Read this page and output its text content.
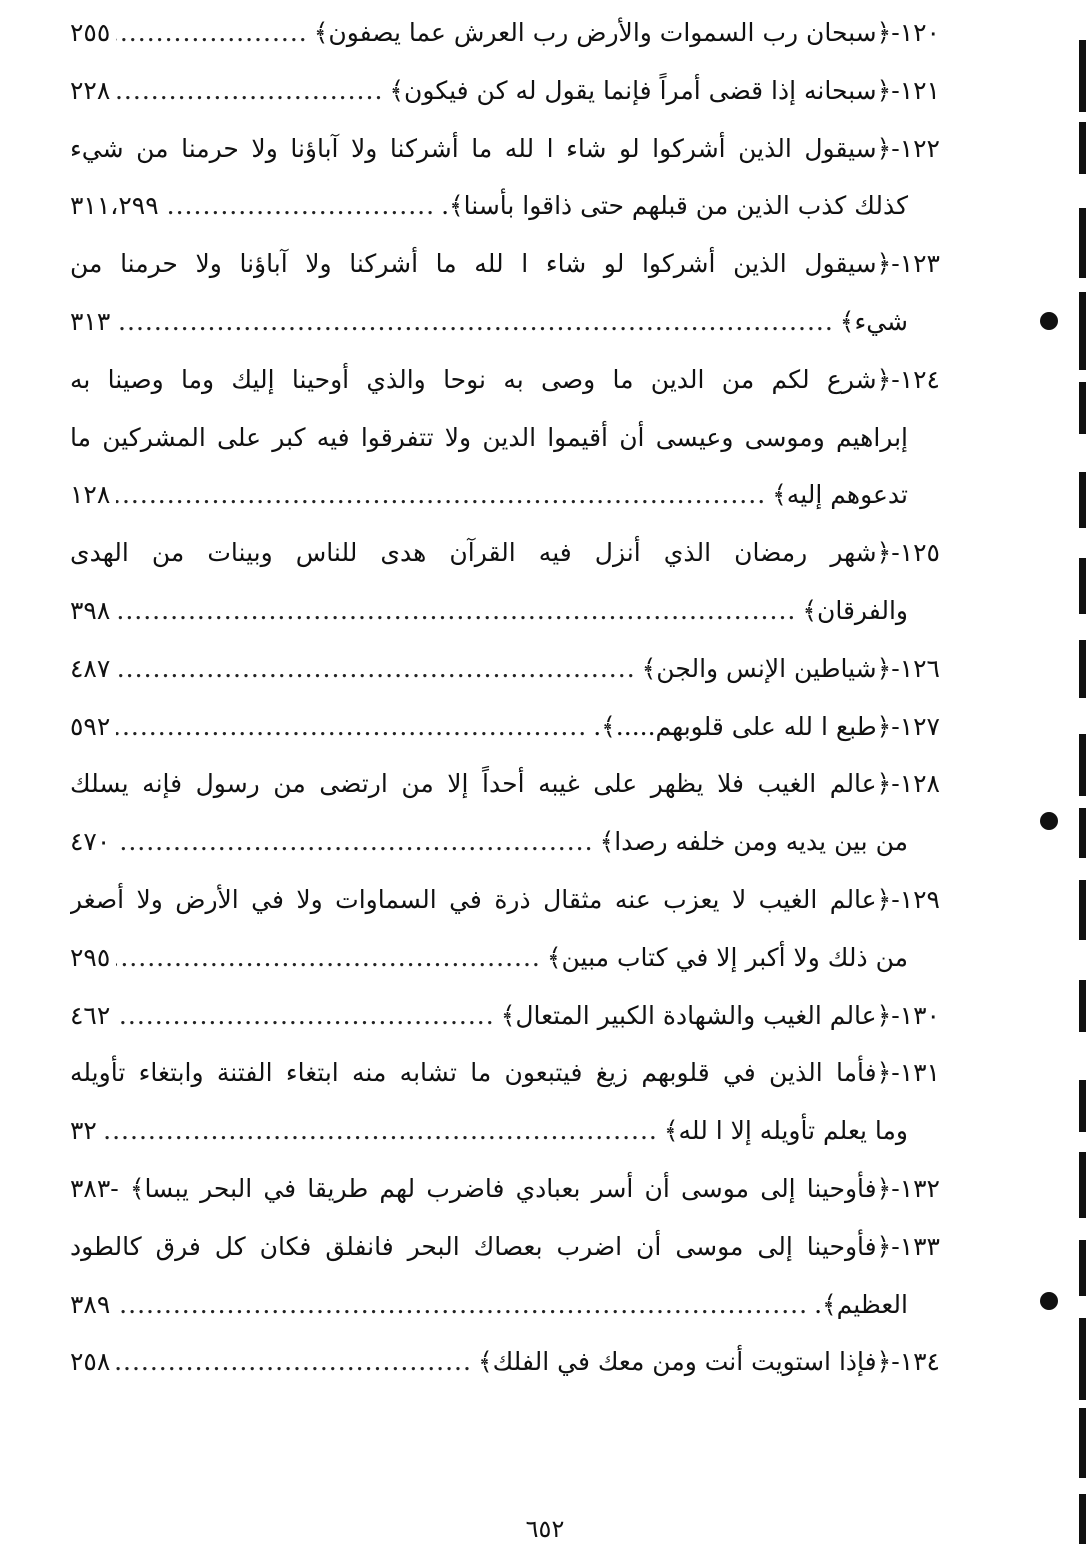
١٢٠
-
﴿سبحان رب السموات والأرض رب العرش عما يصفون﴾
.....
٢٥٥
١٢١
-
﴿سبحانه إذا قضى أمراً فإنما يقول له كن فيكون﴾
.....
٢٢٨
١٢٢-﴿سيقول الذين أشركوا لو شاء ا لله ما أشركنا ولا آباؤنا ولا حرمنا من شيء
كذلك كذب الذين من قبلهم حتى ذاقوا بأسنا﴾.
.....
٣١١،٢٩٩
١٢٣-﴿سيقول الذين أشركوا لو شاء ا لله ما أشركنا ولا آباؤنا ولا حرمنا من
شيء﴾
.....
٣١٣
١٢٤-﴿شرع لكم من الدين ما وصى به نوحا والذي أوحينا إليك وما وصينا به
إبراهيم وموسى وعيسى أن أقيموا الدين ولا تتفرقوا فيه كبر على المشركين ما
تدعوهم إليه﴾
.....
١٢٨
١٢٥-﴿شهر رمضان الذي أنزل فيه القرآن هدى للناس وبينات من الهدى
والفرقان﴾
.....
٣٩٨
١٢٦
-
﴿شياطين الإنس والجن﴾
.....
٤٨٧
١٢٧
-
﴿طبع ا لله على قلوبهم.....﴾.
.....
٥٩٢
١٢٨-﴿عالم الغيب فلا يظهر على غيبه أحداً إلا من ارتضى من رسول فإنه يسلك
من بين يديه ومن خلفه رصدا﴾
.....
٤٧٠
١٢٩-﴿عالم الغيب لا يعزب عنه مثقال ذرة في السماوات ولا في الأرض ولا أصغر
من ذلك ولا أكبر إلا في كتاب مبين﴾
.....
٢٩٥
١٣٠
-
﴿عالم الغيب والشهادة الكبير المتعال﴾
.....
٤٦٢
١٣١-﴿فأما الذين في قلوبهم زيغ فيتبعون ما تشابه منه ابتغاء الفتنة وابتغاء تأويله
وما يعلم تأويله إلا ا لله﴾
.....
٣٢
١٣٢-﴿فأوحينا إلى موسى أن أسر بعبادي فاضرب لهم طريقا في البحر يبسا﴾ -٣٨٣
١٣٣-﴿فأوحينا إلى موسى أن اضرب بعصاك البحر فانفلق فكان كل فرق كالطود
العظيم﴾.
.....
٣٨٩
١٣٤
-
﴿فإذا استويت أنت ومن معك في الفلك﴾
.....
٢٥٨
٦٥٢
